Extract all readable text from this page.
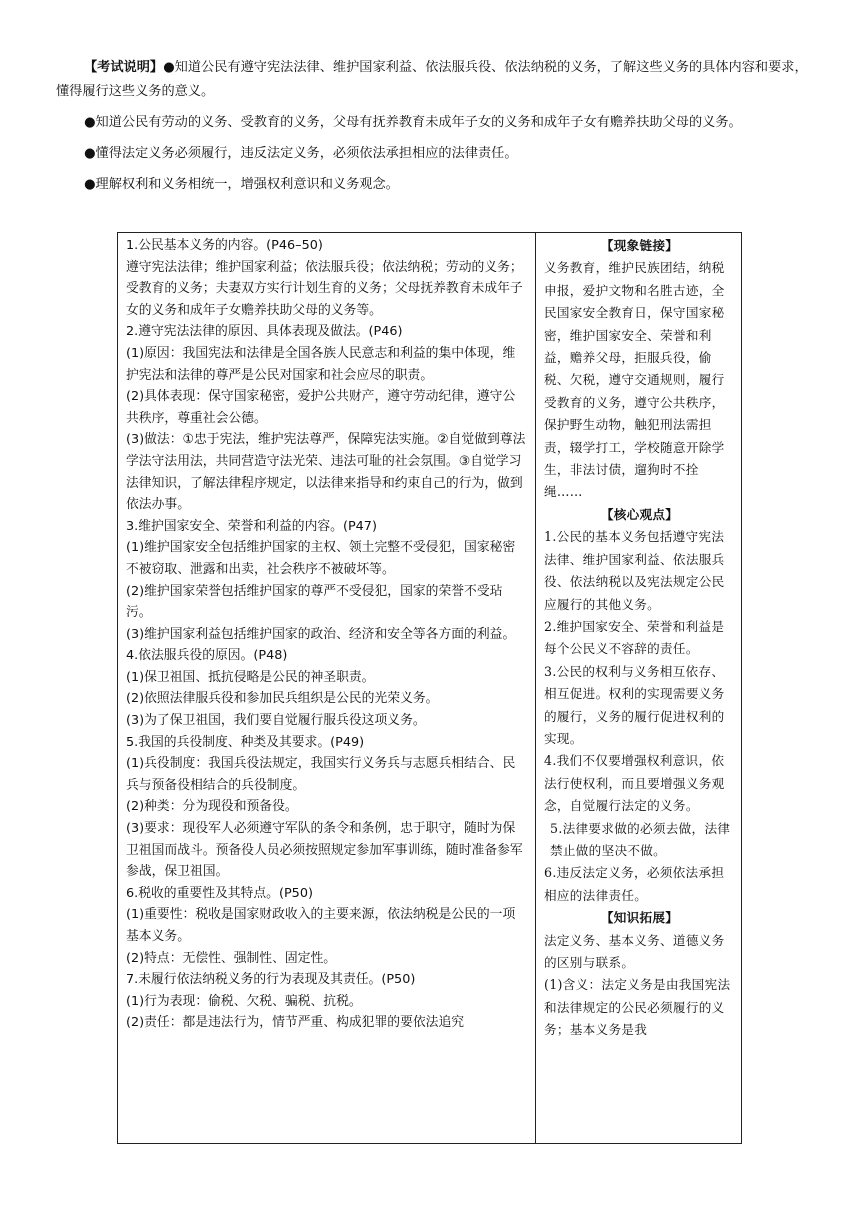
【考试说明】●知道公民有遵守宪法法律、维护国家利益、依法服兵役、依法纳税的义务，了解这些义务的具体内容和要求，懂得履行这些义务的意义。

●知道公民有劳动的义务、受教育的义务，父母有抚养教育未成年子女的义务和成年子女有赡养扶助父母的义务。

●懂得法定义务必须履行，违反法定义务，必须依法承担相应的法律责任。

●理解权利和义务相统一，增强权利意识和义务观念。

1.公民基本义务的内容。(P46–50)

遵守宪法法律；维护国家利益；依法服兵役；依法纳税；劳动的义务；受教育的义务；夫妻双方实行计划生育的义务；父母抚养教育未成年子女的义务和成年子女赡养扶助父母的义务等。

2.遵守宪法法律的原因、具体表现及做法。(P46)

(1)原因：我国宪法和法律是全国各族人民意志和利益的集中体现，维护宪法和法律的尊严是公民对国家和社会应尽的职责。

(2)具体表现：保守国家秘密，爱护公共财产，遵守劳动纪律，遵守公共秩序，尊重社会公德。

(3)做法：①忠于宪法，维护宪法尊严，保障宪法实施。②自觉做到尊法学法守法用法，共同营造守法光荣、违法可耻的社会氛围。③自觉学习法律知识，了解法律程序规定，以法律来指导和约束自己的行为，做到依法办事。

3.维护国家安全、荣誉和利益的内容。(P47)

(1)维护国家安全包括维护国家的主权、领土完整不受侵犯，国家秘密不被窃取、泄露和出卖，社会秩序不被破坏等。

(2)维护国家荣誉包括维护国家的尊严不受侵犯，国家的荣誉不受玷污。

(3)维护国家利益包括维护国家的政治、经济和安全等各方面的利益。

4.依法服兵役的原因。(P48)

(1)保卫祖国、抵抗侵略是公民的神圣职责。

(2)依照法律服兵役和参加民兵组织是公民的光荣义务。

(3)为了保卫祖国，我们要自觉履行服兵役这项义务。

5.我国的兵役制度、种类及其要求。(P49)

(1)兵役制度：我国兵役法规定，我国实行义务兵与志愿兵相结合、民兵与预备役相结合的兵役制度。

(2)种类：分为现役和预备役。

(3)要求：现役军人必须遵守军队的条令和条例，忠于职守，随时为保卫祖国而战斗。预备役人员必须按照规定参加军事训练，随时准备参军参战，保卫祖国。

6.税收的重要性及其特点。(P50)

(1)重要性：税收是国家财政收入的主要来源，依法纳税是公民的一项基本义务。

(2)特点：无偿性、强制性、固定性。

7.未履行依法纳税义务的行为表现及其责任。(P50)

(1)行为表现：偷税、欠税、骗税、抗税。

(2)责任：都是违法行为，情节严重、构成犯罪的要依法追究

【现象链接】

义务教育，维护民族团结，纳税申报，爱护文物和名胜古迹，全民国家安全教育日，保守国家秘密，维护国家安全、荣誉和利益，赡养父母，拒服兵役，偷税、欠税，遵守交通规则，履行受教育的义务，遵守公共秩序，保护野生动物，触犯刑法需担责，辍学打工，学校随意开除学生，非法讨债，遛狗时不拴绳……

【核心观点】

1.公民的基本义务包括遵守宪法法律、维护国家利益、依法服兵役、依法纳税以及宪法规定公民应履行的其他义务。

2.维护国家安全、荣誉和利益是每个公民义不容辞的责任。

3.公民的权利与义务相互依存、相互促进。权利的实现需要义务的履行，义务的履行促进权利的实现。

4.我们不仅要增强权利意识，依法行使权利，而且要增强义务观念，自觉履行法定的义务。

5.法律要求做的必须去做，法律禁止做的坚决不做。

6.违反法定义务，必须依法承担相应的法律责任。

【知识拓展】

法定义务、基本义务、道德义务的区别与联系。

(1)含义：法定义务是由我国宪法和法律规定的公民必须履行的义务；基本义务是我
